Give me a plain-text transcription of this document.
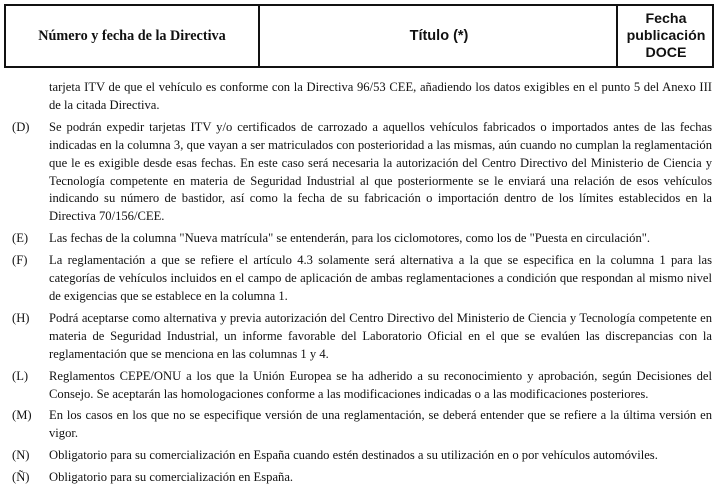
Número y fecha de la Directiva	Título (*)
Fecha
publicación
DOCE
tarjeta ITV de que el vehículo es conforme con la Directiva 96/53 CEE, añadiendo los datos exigibles en el punto 5 del Anexo III de la citada Directiva.
(D) Se podrán expedir tarjetas ITV y/o certificados de carrozado a aquellos vehículos fabricados o importados antes de las fechas indicadas en la columna 3, que vayan a ser matriculados con posterioridad a las mismas, aún cuando no cumplan la reglamentación que le es exigible desde esas fechas. En este caso será necesaria la autorización del Centro Directivo del Ministerio de Ciencia y Tecnología competente en materia de Seguridad Industrial al que posteriormente se le enviará una relación de esos vehículos indicando su número de bastidor, así como la fecha de su fabricación o importación dentro de los límites establecidos en la Directiva 70/156/CEE.
(E) Las fechas de la columna "Nueva matrícula" se entenderán, para los ciclomotores, como los de "Puesta en circulación".
(F) La reglamentación a que se refiere el artículo 4.3 solamente será alternativa a la que se especifica en la columna 1 para las categorías de vehículos incluidos en el campo de aplicación de ambas reglamentaciones a condición que respondan al mismo nivel de exigencias que se establece en la columna 1.
(H) Podrá aceptarse como alternativa y previa autorización del Centro Directivo del Ministerio de Ciencia y Tecnología competente en materia de Seguridad Industrial, un informe favorable del Laboratorio Oficial en el que se evalúen las discrepancias con la reglamentación que se menciona en las columnas 1 y 4.
(L) Reglamentos CEPE/ONU a los que la Unión Europea se ha adherido a su reconocimiento y aprobación, según Decisiones del Consejo. Se aceptarán las homologaciones conforme a las modificaciones indicadas o a las modificaciones posteriores.
(M) En los casos en los que no se especifique versión de una reglamentación, se deberá entender que se refiere a la última versión en vigor.
(N) Obligatorio para su comercialización en España cuando estén destinados a su utilización en o por vehículos automóviles.
(Ñ) Obligatorio para su comercialización en España.
